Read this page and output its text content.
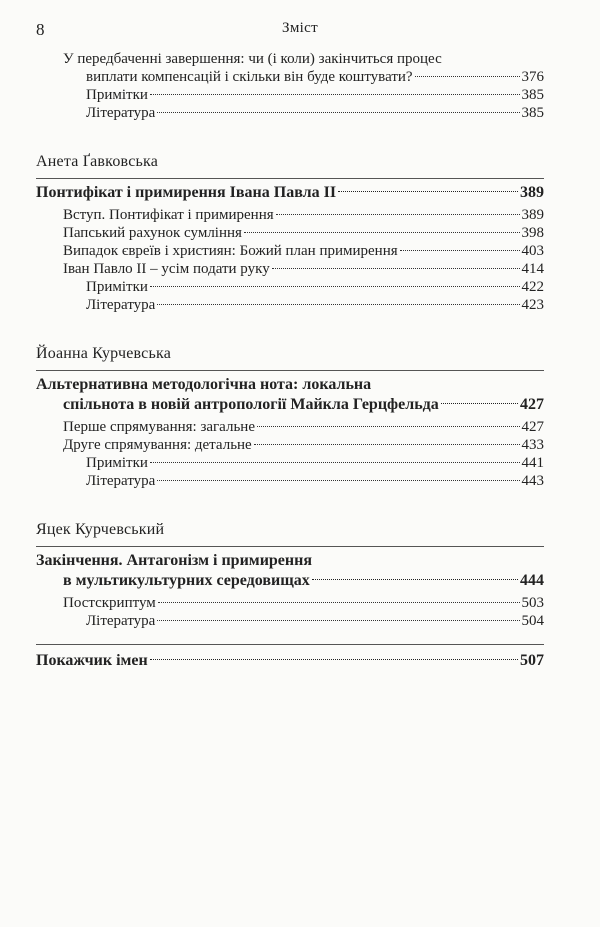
8	Зміст
У передбаченні завершення: чи (і коли) закінчиться процес
виплати компенсацій і скільки він буде коштувати?	376
Примітки	385
Література	385
Анета Ґавковська
Понтифікат і примирення Івана Павла ІІ	389
Вступ. Понтифікат і примирення	389
Папський рахунок сумління	398
Випадок євреїв і християн: Божий план примирення	403
Іван Павло ІІ – усім подати руку	414
Примітки	422
Література	423
Йоанна Курчевська
Альтернативна методологічна нота: локальна
спільнота в новій антропології Майкла Герцфельда	427
Перше спрямування: загальне	427
Друге спрямування: детальне	433
Примітки	441
Література	443
Яцек Курчевський
Закінчення. Антагонізм і примирення
в мультикультурних середовищах	444
Постскриптум	503
Література	504
Покажчик імен	507
